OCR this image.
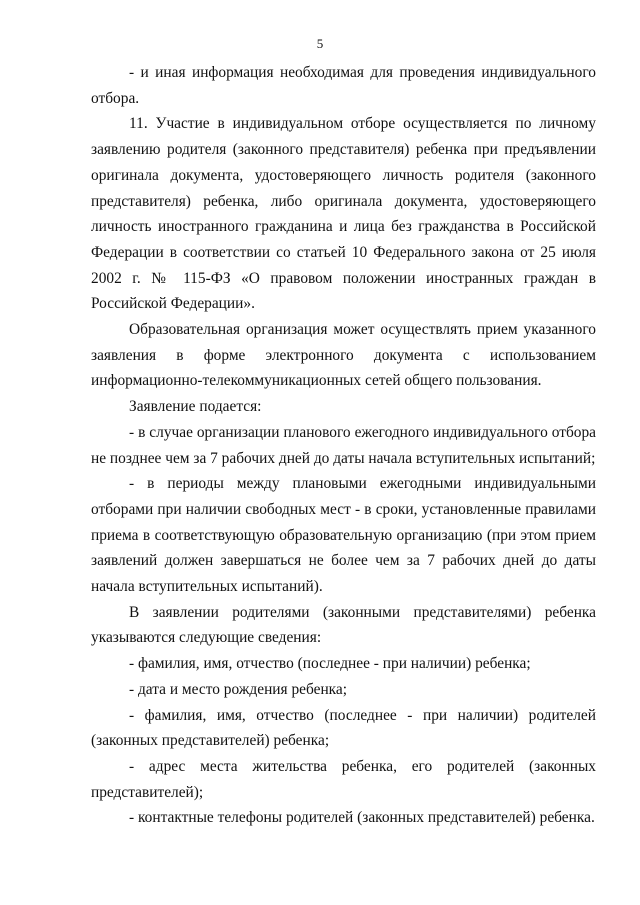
5

- и иная информация необходимая для проведения индивидуального отбора.

11. Участие в индивидуальном отборе осуществляется по личному заявлению родителя (законного представителя) ребенка при предъявлении оригинала документа, удостоверяющего личность родителя (законного представителя) ребенка, либо оригинала документа, удостоверяющего личность иностранного гражданина и лица без гражданства в Российской Федерации в соответствии со статьей 10 Федерального закона от 25 июля 2002 г. № 115-ФЗ «О правовом положении иностранных граждан в Российской Федерации».

Образовательная организация может осуществлять прием указанного заявления в форме электронного документа с использованием информационно-телекоммуникационных сетей общего пользования.

Заявление подается:

- в случае организации планового ежегодного индивидуального отбора не позднее чем за 7 рабочих дней до даты начала вступительных испытаний;

- в периоды между плановыми ежегодными индивидуальными отборами при наличии свободных мест - в сроки, установленные правилами приема в соответствующую образовательную организацию (при этом прием заявлений должен завершаться не более чем за 7 рабочих дней до даты начала вступительных испытаний).

В заявлении родителями (законными представителями) ребенка указываются следующие сведения:

- фамилия, имя, отчество (последнее - при наличии) ребенка;

- дата и место рождения ребенка;

- фамилия, имя, отчество (последнее - при наличии) родителей (законных представителей) ребенка;

- адрес места жительства ребенка, его родителей (законных представителей);

- контактные телефоны родителей (законных представителей) ребенка.
